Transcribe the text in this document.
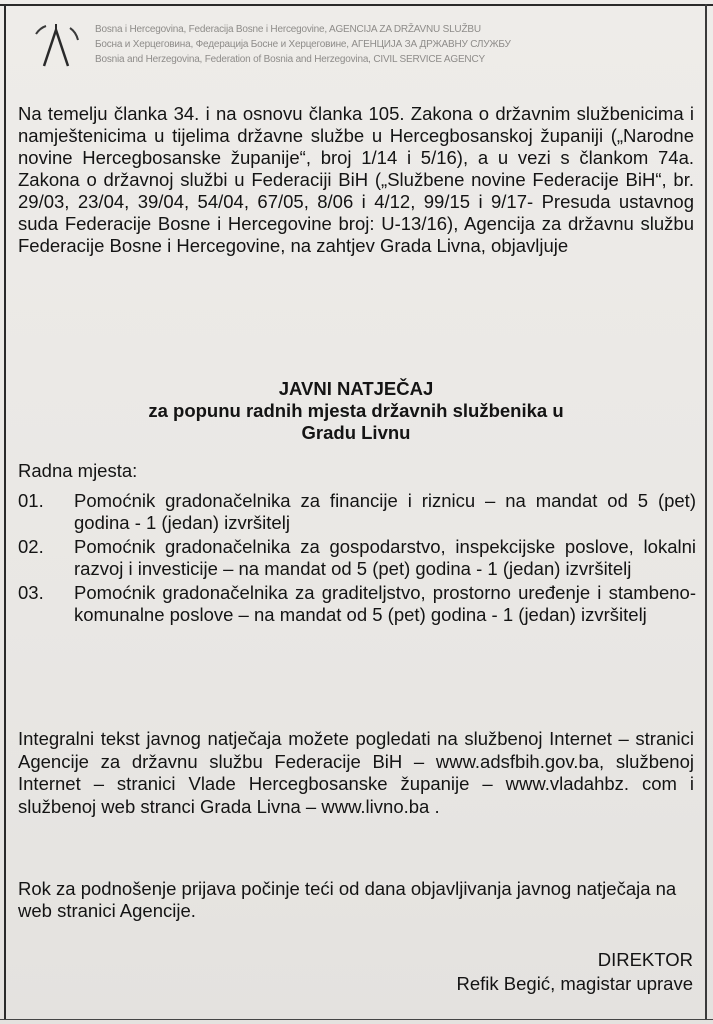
Bosna i Hercegovina, Federacija Bosne i Hercegovine, AGENCIJA ZA DRŽAVNU SLUŽBU
Босна и Херцеговина, Федерација Босне и Херцеговине, АГЕНЦИЈА ЗА ДРЖАВНУ СЛУЖБУ
Bosnia and Herzegovina, Federation of Bosnia and Herzegovina, CIVIL SERVICE AGENCY
Na temelju članka 34. i na osnovu članka 105. Zakona o državnim službenicima i namještenicima u tijelima državne službe u Hercegbosanskoj županiji („Narodne novine Hercegbosanske županije“, broj 1/14 i 5/16), a u vezi s člankom 74a. Zakona o državnoj službi u Federaciji BiH („Službene novine Federacije BiH“, br. 29/03, 23/04, 39/04, 54/04, 67/05, 8/06 i 4/12, 99/15 i 9/17- Presuda ustavnog suda Federacije Bosne i Hercegovine broj: U-13/16), Agencija za državnu službu Federacije Bosne i Hercegovine, na zahtjev Grada Livna, objavljuje
JAVNI NATJEČAJ
za popunu radnih mjesta državnih službenika u
Gradu Livnu
Radna mjesta:
01. Pomoćnik gradonačelnika za financije i riznicu – na mandat od 5 (pet) godina - 1 (jedan) izvršitelj
02. Pomoćnik gradonačelnika za gospodarstvo, inspekcijske poslove, lokalni razvoj i investicije – na mandat od 5 (pet) godina - 1 (jedan) izvršitelj
03. Pomoćnik gradonačelnika za graditeljstvo, prostorno uređenje i stambeno-komunalne poslove – na mandat od 5 (pet) godina - 1 (jedan) izvršitelj
Integralni tekst javnog natječaja možete pogledati na službenoj Internet – stranici Agencije za državnu službu Federacije BiH – www.adsfbih.gov.ba, službenoj Internet – stranici Vlade Hercegbosanske županije – www.vladahbz. com i službenoj web stranci Grada Livna – www.livno.ba .
Rok za podnošenje prijava počinje teći od dana objavljivanja javnog natječaja na web stranici Agencije.
DIREKTOR
Refik Begić, magistar uprave
